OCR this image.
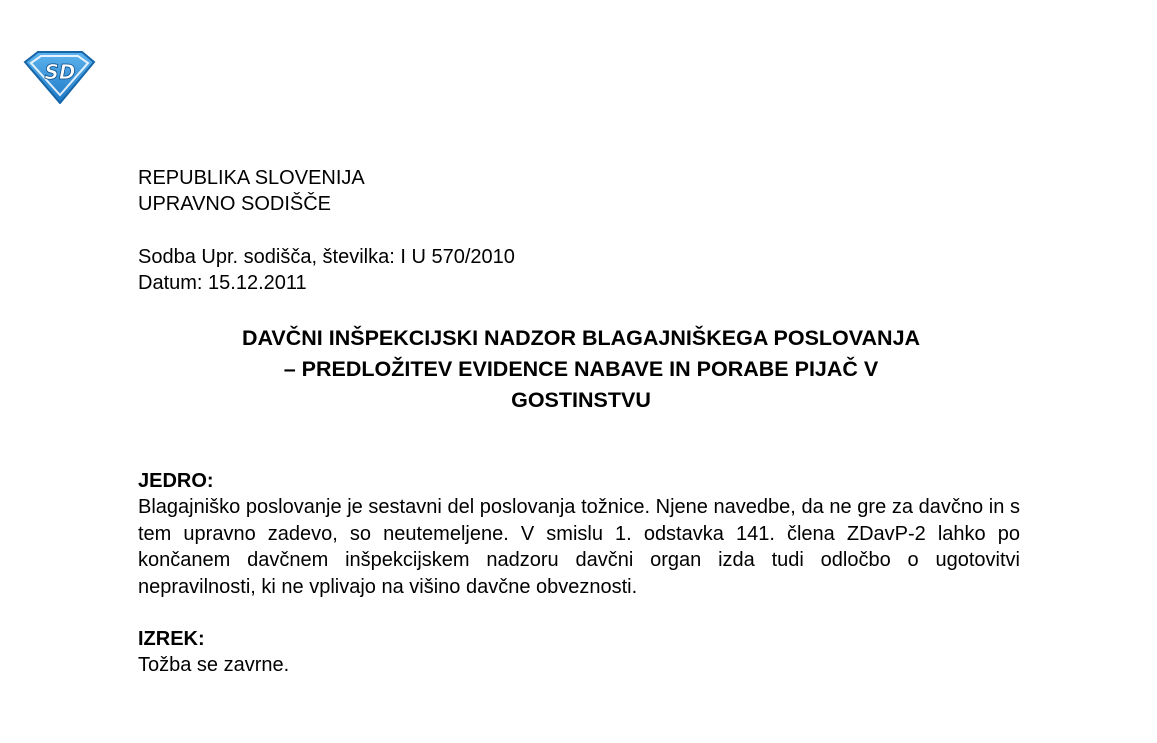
SD

REPUBLIKA SLOVENIJA

UPRAVNO SODIŠČE

Sodba Upr. sodišča, številka: I U 570/2010

Datum: 15.12.2011

DAVČNI INŠPEKCIJSKI NADZOR BLAGAJNIŠKEGA POSLOVANJA
– PREDLOŽITEV EVIDENCE NABAVE IN PORABE PIJAČ V
GOSTINSTVU

JEDRO:

Blagajniško poslovanje je sestavni del poslovanja tožnice. Njene navedbe, da ne gre za davčno in s tem upravno zadevo, so neutemeljene. V smislu 1. odstavka 141. člena ZDavP-2 lahko po končanem davčnem inšpekcijskem nadzoru davčni organ izda tudi odločbo o ugotovitvi nepravilnosti, ki ne vplivajo na višino davčne obveznosti.

IZREK:

Tožba se zavrne.
